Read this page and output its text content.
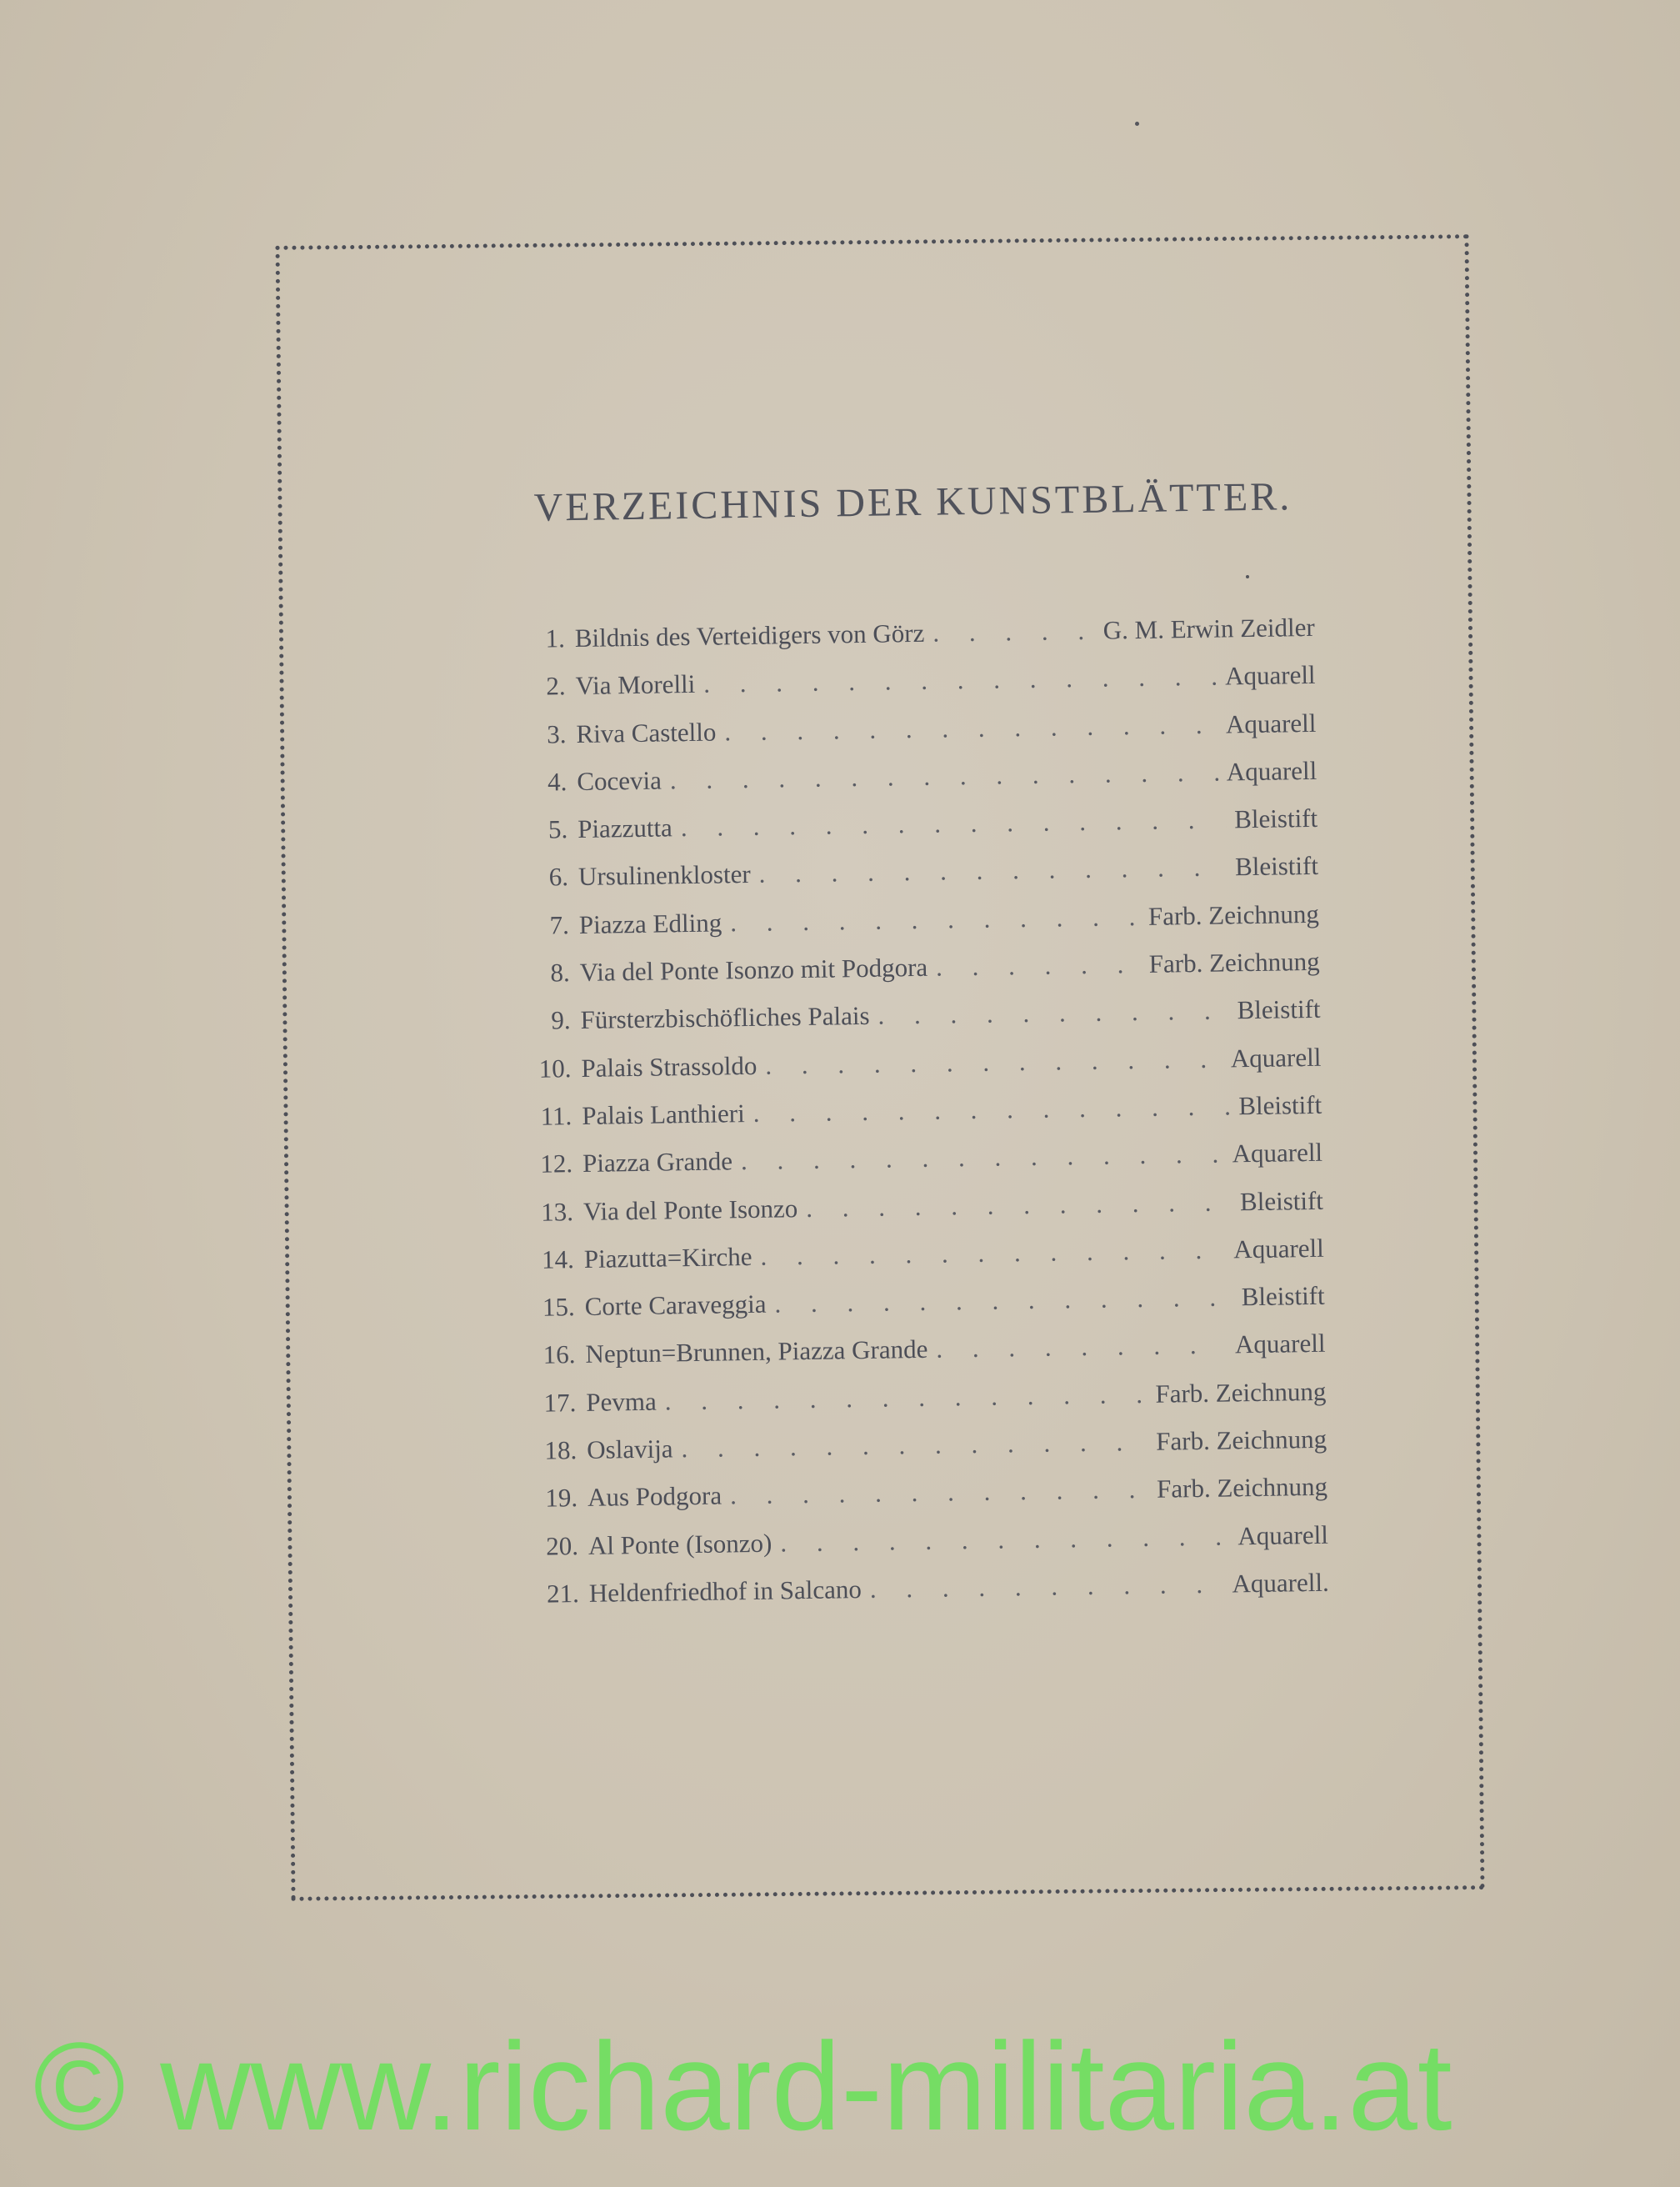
VERZEICHNIS DER KUNSTBLÄTTER.
1. Bildnis des Verteidigers von Görz . . .	G. M. Erwin Zeidler
2. Via Morelli . . .	Aquarell
3. Riva Castello . . .	Aquarell
4. Cocevia . . .	Aquarell
5. Piazzutta . . .	Bleistift
6. Ursulinenkloster . . .	Bleistift
7. Piazza Edling . . .	Farb. Zeichnung
8. Via del Ponte Isonzo mit Podgora . . .	Farb. Zeichnung
9. Fürsterzbischöfliches Palais . . .	Bleistift
10. Palais Strassoldo . . .	Aquarell
11. Palais Lanthieri . . .	Bleistift
12. Piazza Grande . . .	Aquarell
13. Via del Ponte Isonzo . . .	Bleistift
14. Piazutta=Kirche . . .	Aquarell
15. Corte Caraveggia . . .	Bleistift
16. Neptun=Brunnen, Piazza Grande . . .	Aquarell
17. Pevma . . .	Farb. Zeichnung
18. Oslavija . . .	Farb. Zeichnung
19. Aus Podgora . . .	Farb. Zeichnung
20. Al Ponte (Isonzo) . . .	Aquarell
21. Heldenfriedhof in Salcano . . .	Aquarell.
© www.richard-militaria.at
